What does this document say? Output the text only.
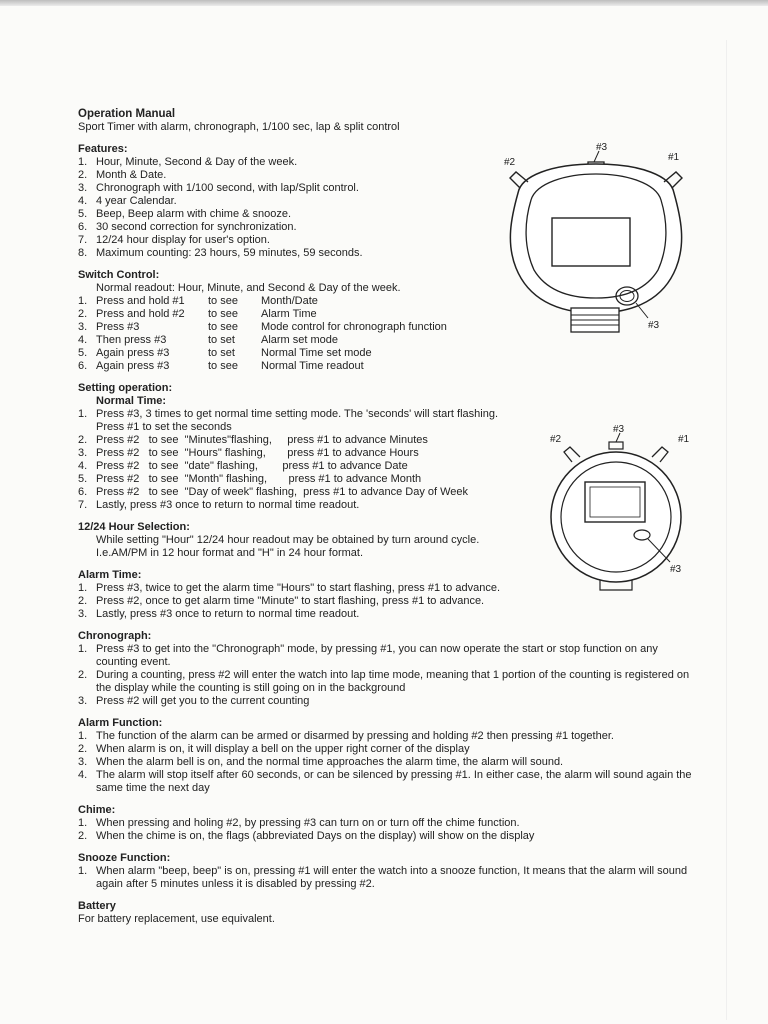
Operation Manual
Sport Timer with alarm, chronograph, 1/100 sec, lap & split control
Features:
1. Hour, Minute, Second & Day of the week.
2. Month & Date.
3. Chronograph with 1/100 second, with lap/Split control.
4. 4 year Calendar.
5. Beep, Beep alarm with chime & snooze.
6. 30 second correction for synchronization.
7. 12/24 hour display for user's option.
8. Maximum counting: 23 hours, 59 minutes, 59 seconds.
Switch Control:
Normal readout: Hour, Minute, and Second & Day of the week.
1. Press and hold #1	to see	Month/Date
2. Press and hold #2	to see	Alarm Time
3. Press #3	to see	Mode control for chronograph function
4. Then press #3	to set	Alarm set mode
5. Again press #3	to set	Normal Time set mode
6. Again press #3	to see	Normal Time readout
Setting operation:
Normal Time:
1. Press #3, 3 times to get normal time setting mode. The 'seconds' will start flashing.
Press #1 to set the seconds
2. Press #2   to see  "Minutes"flashing,     press #1 to advance Minutes
3. Press #2   to see  "Hours" flashing,       press #1 to advance Hours
4. Press #2   to see  "date" flashing,        press #1 to advance Date
5. Press #2   to see  "Month" flashing,       press #1 to advance Month
6. Press #2   to see  "Day of week" flashing,  press #1 to advance Day of Week
7. Lastly, press #3 once to return to normal time readout.
12/24 Hour Selection:
While setting "Hour" 12/24 hour readout may be obtained by turn around cycle.
I.e.AM/PM in 12 hour format and "H" in 24 hour format.
Alarm Time:
1. Press #3, twice to get the alarm time "Hours" to start flashing, press #1 to advance.
2. Press #2, once to get alarm time "Minute" to start flashing, press #1 to advance.
3. Lastly, press #3 once to return to normal time readout.
Chronograph:
1. Press #3 to get into the "Chronograph" mode, by pressing #1, you can now operate the start or stop function on any counting event.
2. During a counting, press #2 will enter the watch into lap time mode, meaning that 1 portion of the counting is registered on the display while the counting is still going on in the background
3. Press #2 will get you to the current counting
Alarm Function:
1. The function of the alarm can be armed or disarmed by pressing and holding #2 then pressing #1 together.
2. When alarm is on, it will display a bell on the upper right corner of the display
3. When the alarm bell is on, and the normal time approaches the alarm time, the alarm will sound.
4. The alarm will stop itself after 60 seconds, or can be silenced by pressing #1. In either case, the alarm will sound again the same time the next day
Chime:
1. When pressing and holing #2, by pressing #3 can turn on or turn off the chime function.
2. When the chime is on, the flags (abbreviated Days on the display) will show on the display
Snooze Function:
1. When alarm "beep, beep" is on, pressing #1 will enter the watch into a snooze function, It means that the alarm will sound again after 5 minutes unless it is disabled by pressing #2.
Battery
For battery replacement, use equivalent.
#3
#2	#1
#3
#3
#2	#1
#3
